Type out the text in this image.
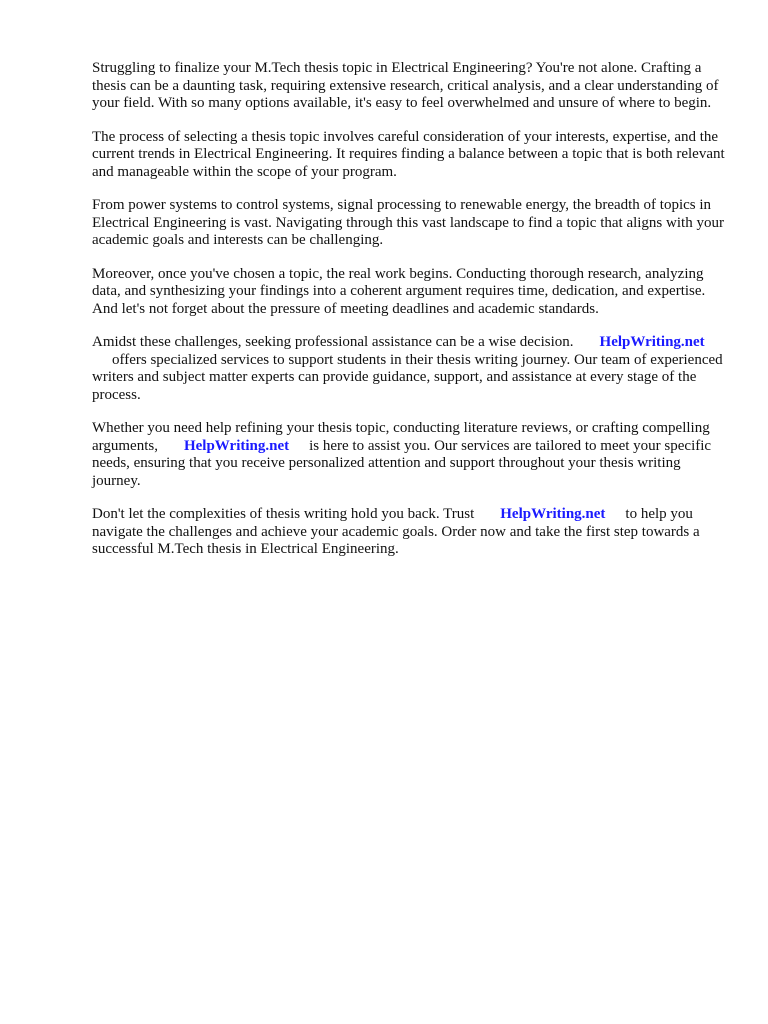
Struggling to finalize your M.Tech thesis topic in Electrical Engineering? You're not alone. Crafting a thesis can be a daunting task, requiring extensive research, critical analysis, and a clear understanding of your field. With so many options available, it's easy to feel overwhelmed and unsure of where to begin.

The process of selecting a thesis topic involves careful consideration of your interests, expertise, and the current trends in Electrical Engineering. It requires finding a balance between a topic that is both relevant and manageable within the scope of your program.

From power systems to control systems, signal processing to renewable energy, the breadth of topics in Electrical Engineering is vast. Navigating through this vast landscape to find a topic that aligns with your academic goals and interests can be challenging.

Moreover, once you've chosen a topic, the real work begins. Conducting thorough research, analyzing data, and synthesizing your findings into a coherent argument requires time, dedication, and expertise. And let's not forget about the pressure of meeting deadlines and academic standards.

Amidst these challenges, seeking professional assistance can be a wise decision. HelpWriting.net
offers specialized services to support students in their thesis writing journey. Our team of experienced writers and subject matter experts can provide guidance, support, and assistance at every stage of the process.

Whether you need help refining your thesis topic, conducting literature reviews, or crafting compelling arguments, HelpWriting.net is here to assist you. Our services are tailored to meet your specific needs, ensuring that you receive personalized attention and support throughout your thesis writing journey.

Don't let the complexities of thesis writing hold you back. Trust HelpWriting.net to help you navigate the challenges and achieve your academic goals. Order now and take the first step towards a successful M.Tech thesis in Electrical Engineering.
